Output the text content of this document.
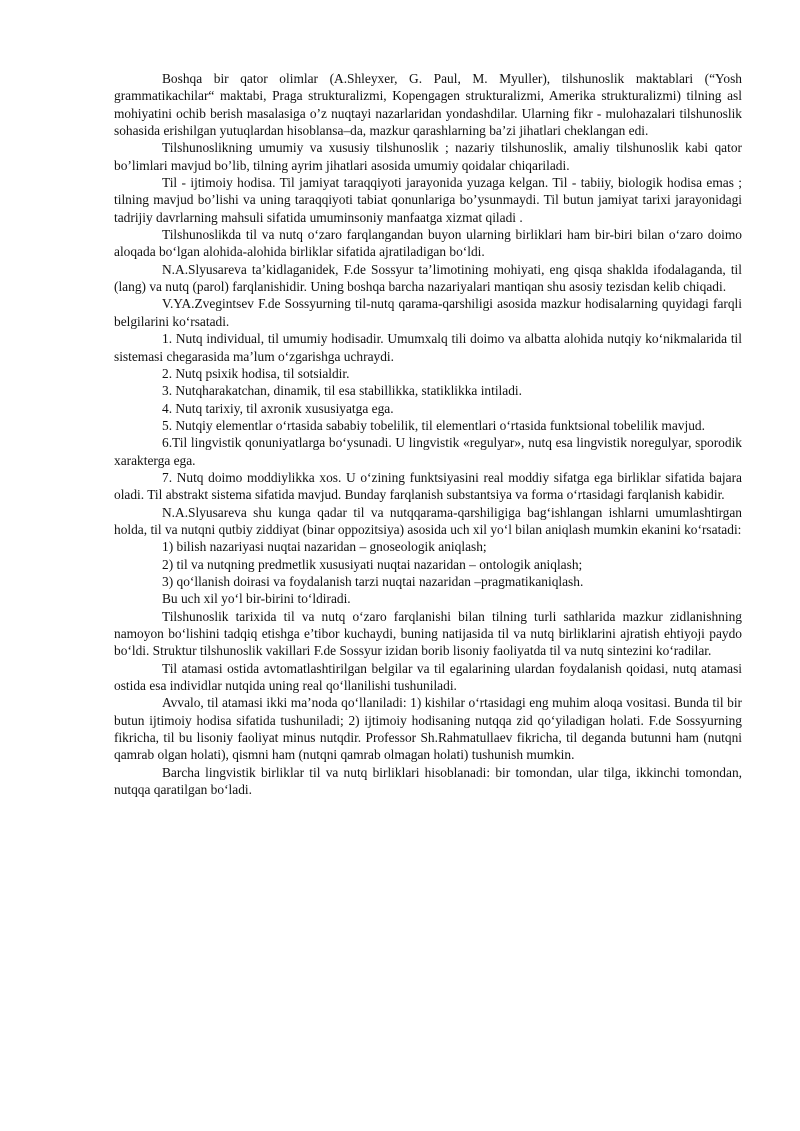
Boshqa bir qator olimlar (A.Shleyxer, G. Paul, M. Myuller), tilshunoslik maktablari (“Yosh grammatikachilar“ maktabi, Praga strukturalizmi, Kopengagen strukturalizmi, Amerika strukturalizmi) tilning asl mohiyatini ochib berish masalasiga o’z nuqtayi nazarlaridan yondashdilar. Ularning fikr - mulohazalari tilshunoslik sohasida erishilgan yutuqlardan hisoblansa–da, mazkur qarashlarning ba’zi jihatlari cheklangan edi.

Tilshunoslikning umumiy va xususiy tilshunoslik ; nazariy tilshunoslik, amaliy tilshunoslik kabi qator bo’limlari mavjud bo’lib, tilning ayrim jihatlari asosida umumiy qoidalar chiqariladi.

Til - ijtimoiy hodisa. Til jamiyat taraqqiyoti jarayonida yuzaga kelgan. Til - tabiiy, biologik hodisa emas ; tilning mavjud bo’lishi va uning taraqqiyoti tabiat qonunlariga bo’ysunmaydi. Til butun jamiyat tarixi jarayonidagi tadrijiy davrlarning mahsuli sifatida umuminsoniy manfaatga xizmat qiladi .

Tilshunoslikda til va nutq o‘zaro farqlangandan buyon ularning birliklari ham bir-biri bilan o‘zaro doimo aloqada bo‘lgan alohida-alohida birliklar sifatida ajratiladigan bo‘ldi.

N.A.Slyusareva ta’kidlaganidek, F.de Sossyur ta’limotining mohiyati, eng qisqa shaklda ifodalaganda, til (lang) va nutq (parol) farqlanishidir. Uning boshqa barcha nazariyalari mantiqan shu asosiy tezisdan kelib chiqadi.

V.YA.Zvegintsev F.de Sossyurning til-nutq qarama-qarshiligi asosida mazkur hodisalarning quyidagi farqli belgilarini ko‘rsatadi.

1. Nutq individual, til umumiy hodisadir. Umumxalq tili doimo va albatta alohida nutqiy ko‘nikmalarida til sistemasi chegarasida ma’lum o‘zgarishga uchraydi.

2. Nutq psixik hodisa, til sotsialdir.

3. Nutqharakatchan, dinamik, til esa stabillikka, statiklikka intiladi.

4. Nutq tarixiy, til axronik xususiyatga ega.

5. Nutqiy elementlar o‘rtasida sababiy tobelilik, til elementlari o‘rtasida funktsional tobelilik mavjud.

6.Til lingvistik qonuniyatlarga bo‘ysunadi. U lingvistik «regulyar», nutq esa lingvistik noregulyar, sporodik xarakterga ega.

7. Nutq doimo moddiylikka xos. U o‘zining funktsiyasini real moddiy sifatga ega birliklar sifatida bajara oladi. Til abstrakt sistema sifatida mavjud. Bunday farqlanish substantsiya va forma o‘rtasidagi farqlanish kabidir.

N.A.Slyusareva shu kunga qadar til va nutqqarama-qarshiligiga bag‘ishlangan ishlarni umumlashtirgan holda, til va nutqni qutbiy ziddiyat (binar oppozitsiya) asosida uch xil yo‘l bilan aniqlash mumkin ekanini ko‘rsatadi:

1) bilish nazariyasi nuqtai nazaridan – gnoseologik aniqlash;

2) til va nutqning predmetlik xususiyati nuqtai nazaridan – ontologik aniqlash;

3) qo‘llanish doirasi va foydalanish tarzi nuqtai nazaridan –pragmatikaniqlash.

Bu uch xil yo‘l bir-birini to‘ldiradi.

Tilshunoslik tarixida til va nutq o‘zaro farqlanishi bilan tilning turli sathlarida mazkur zidlanishning namoyon bo‘lishini tadqiq etishga e’tibor kuchaydi, buning natijasida til va nutq birliklarini ajratish ehtiyoji paydo bo‘ldi. Struktur tilshunoslik vakillari F.de Sossyur izidan borib lisoniy faoliyatda til va nutq sintezini ko‘radilar.

Til atamasi ostida avtomatlashtirilgan belgilar va til egalarining ulardan foydalanish qoidasi, nutq atamasi ostida esa individlar nutqida uning real qo‘llanilishi tushuniladi.

Avvalo, til atamasi ikki ma’noda qo‘llaniladi: 1) kishilar o‘rtasidagi eng muhim aloqa vositasi. Bunda til bir butun ijtimoiy hodisa sifatida tushuniladi; 2) ijtimoiy hodisaning nutqqa zid qo‘yiladigan holati. F.de Sossyurning fikricha, til bu lisoniy faoliyat minus nutqdir. Professor Sh.Rahmatullaev fikricha, til deganda butunni ham (nutqni qamrab olgan holati), qismni ham (nutqni qamrab olmagan holati) tushunish mumkin.

Barcha lingvistik birliklar til va nutq birliklari hisoblanadi: bir tomondan, ular tilga, ikkinchi tomondan, nutqqa qaratilgan bo‘ladi.
